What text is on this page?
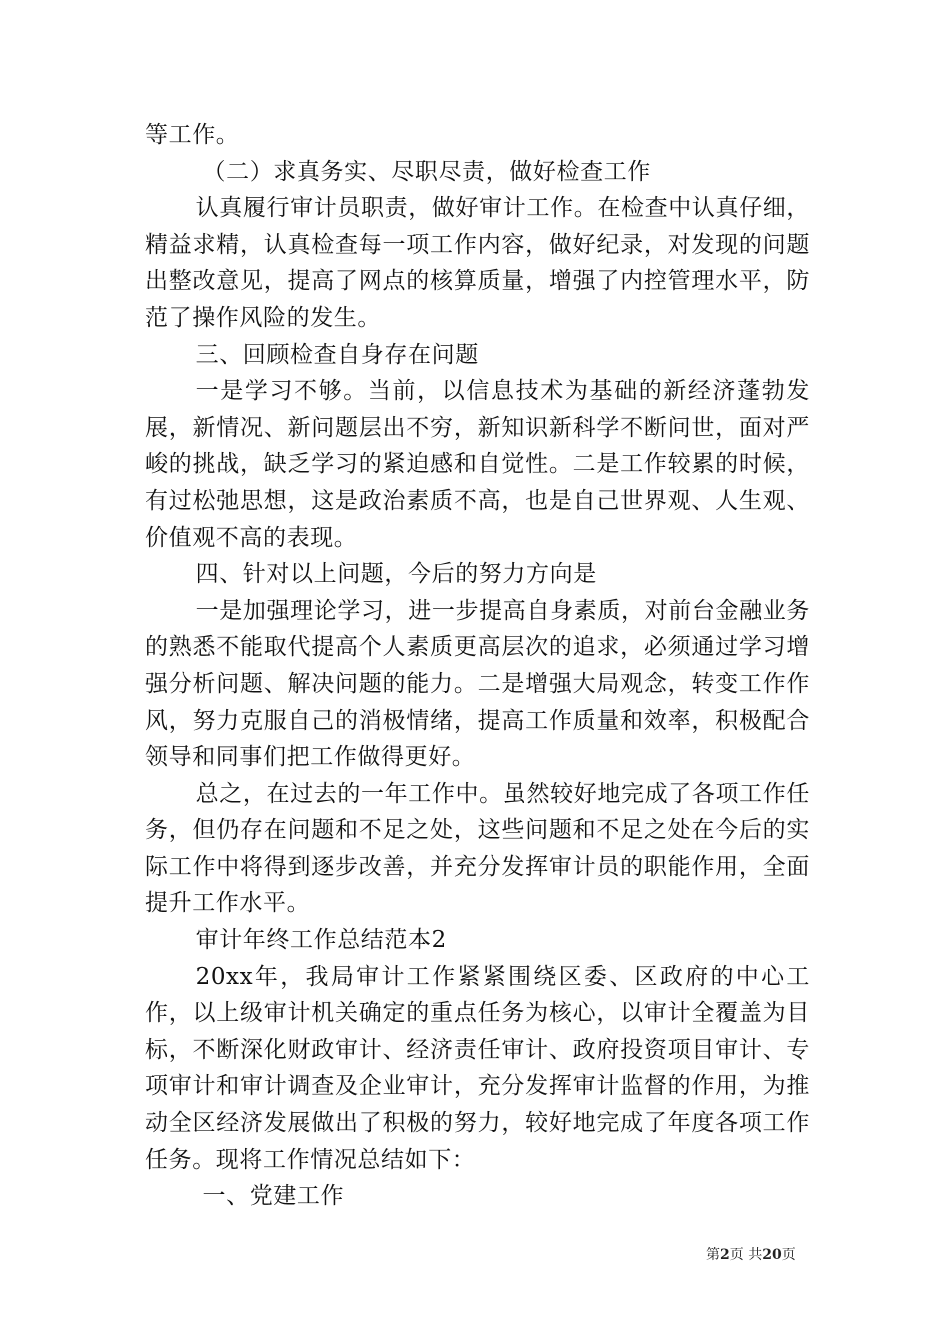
等工作。

（二）求真务实、尽职尽责，做好检查工作

认真履行审计员职责，做好审计工作。在检查中认真仔细，精益求精，认真检查每一项工作内容，做好纪录，对发现的问题出整改意见，提高了网点的核算质量，增强了内控管理水平，防范了操作风险的发生。

三、回顾检查自身存在问题

一是学习不够。当前，以信息技术为基础的新经济蓬勃发展，新情况、新问题层出不穷，新知识新科学不断问世，面对严峻的挑战，缺乏学习的紧迫感和自觉性。二是工作较累的时候，有过松弛思想，这是政治素质不高，也是自己世界观、人生观、价值观不高的表现。

四、针对以上问题，今后的努力方向是

一是加强理论学习，进一步提高自身素质，对前台金融业务的熟悉不能取代提高个人素质更高层次的追求，必须通过学习增强分析问题、解决问题的能力。二是增强大局观念，转变工作作风，努力克服自己的消极情绪，提高工作质量和效率，积极配合领导和同事们把工作做得更好。

总之，在过去的一年工作中。虽然较好地完成了各项工作任务，但仍存在问题和不足之处，这些问题和不足之处在今后的实际工作中将得到逐步改善，并充分发挥审计员的职能作用，全面提升工作水平。

审计年终工作总结范本2

20xx年，我局审计工作紧紧围绕区委、区政府的中心工作，以上级审计机关确定的重点任务为核心，以审计全覆盖为目标，不断深化财政审计、经济责任审计、政府投资项目审计、专项审计和审计调查及企业审计，充分发挥审计监督的作用，为推动全区经济发展做出了积极的努力，较好地完成了年度各项工作任务。现将工作情况总结如下：

一、党建工作

第2页 共20页
